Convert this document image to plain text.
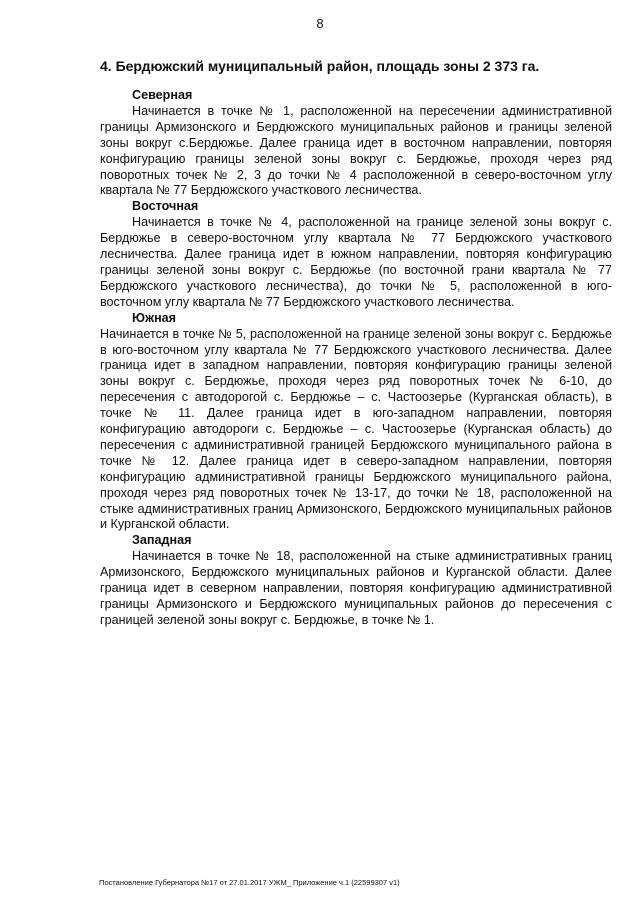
8
4. Бердюжский муниципальный район, площадь зоны 2 373 га.
Северная

Начинается в точке № 1, расположенной на пересечении административной границы Армизонского и Бердюжского муниципальных районов и границы зеленой зоны вокруг с.Бердюжье. Далее граница идет в восточном направлении, повторяя конфигурацию границы зеленой зоны вокруг с. Бердюжье, проходя через ряд поворотных точек № 2, 3 до точки № 4 расположенной в северо-восточном углу квартала № 77 Бердюжского участкового лесничества.

Восточная

Начинается в точке № 4, расположенной на границе зеленой зоны вокруг с. Бердюжье в северо-восточном углу квартала № 77 Бердюжского участкового лесничества. Далее граница идет в южном направлении, повторяя конфигурацию границы зеленой зоны вокруг с. Бердюжье (по восточной грани квартала № 77 Бердюжского участкового лесничества), до точки № 5, расположенной в юго-восточном углу квартала № 77 Бердюжского участкового лесничества.

Южная

Начинается в точке № 5, расположенной на границе зеленой зоны вокруг с. Бердюжье в юго-восточном углу квартала № 77 Бердюжского участкового лесничества. Далее граница идет в западном направлении, повторяя конфигурацию границы зеленой зоны вокруг с. Бердюжье, проходя через ряд поворотных точек № 6-10, до пересечения с автодорогой с. Бердюжье – с. Частоозерье (Курганская область), в точке № 11. Далее граница идет в юго-западном направлении, повторяя конфигурацию автодороги с. Бердюжье – с. Частоозерье (Курганская область) до пересечения с административной границей Бердюжского муниципального района в точке № 12. Далее граница идет в северо-западном направлении, повторяя конфигурацию административной границы Бердюжского муниципального района, проходя через ряд поворотных точек № 13-17, до точки № 18, расположенной на стыке административных границ Армизонского, Бердюжского муниципальных районов и Курганской области.

Западная

Начинается в точке № 18, расположенной на стыке административных границ Армизонского, Бердюжского муниципальных районов и Курганской области. Далее граница идет в северном направлении, повторяя конфигурацию административной границы Армизонского и Бердюжского муниципальных районов до пересечения с границей зеленой зоны вокруг с. Бердюжье, в точке № 1.

Постановление Губернатора №17 от 27.01.2017 УЖМ_ Приложение ч.1 (22599307 v1)
